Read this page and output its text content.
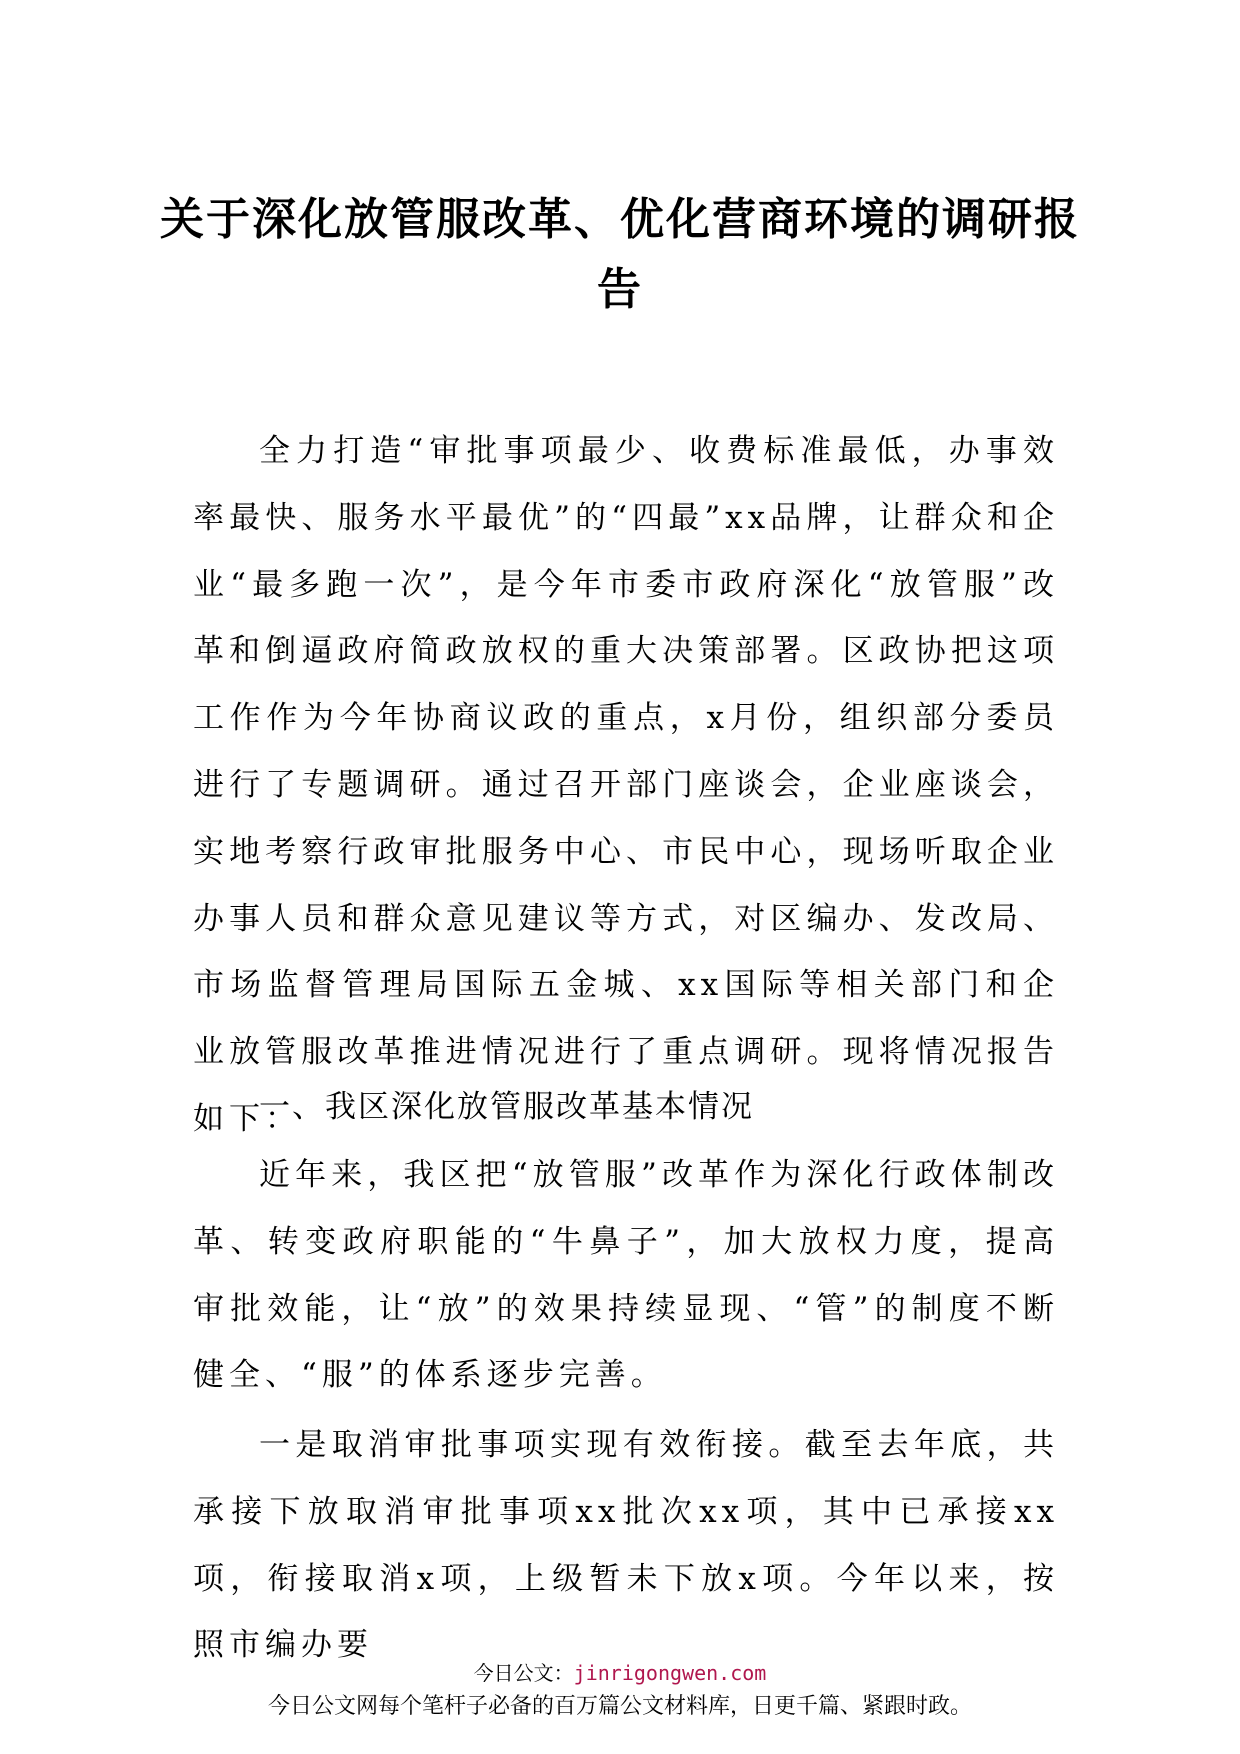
关于深化放管服改革、优化营商环境的调研报告

全力打造“审批事项最少、收费标准最低，办事效率最快、服务水平最优”的“四最”xx品牌，让群众和企业“最多跑一次”，是今年市委市政府深化“放管服”改革和倒逼政府简政放权的重大决策部署。区政协把这项工作作为今年协商议政的重点，x月份，组织部分委员进行了专题调研。通过召开部门座谈会，企业座谈会，实地考察行政审批服务中心、市民中心，现场听取企业办事人员和群众意见建议等方式，对区编办、发改局、市场监督管理局国际五金城、xx国际等相关部门和企业放管服改革推进情况进行了重点调研。现将情况报告如下：

一、我区深化放管服改革基本情况

近年来，我区把“放管服”改革作为深化行政体制改革、转变政府职能的“牛鼻子”，加大放权力度，提高审批效能，让“放”的效果持续显现、“管”的制度不断健全、“服”的体系逐步完善。

一是取消审批事项实现有效衔接。截至去年底，共承接下放取消审批事项xx批次xx项，其中已承接xx项，衔接取消x项，上级暂未下放x项。今年以来，按照市编办要

今日公文：jinrigongwen.com
今日公文网每个笔杆子必备的百万篇公文材料库，日更千篇、紧跟时政。
